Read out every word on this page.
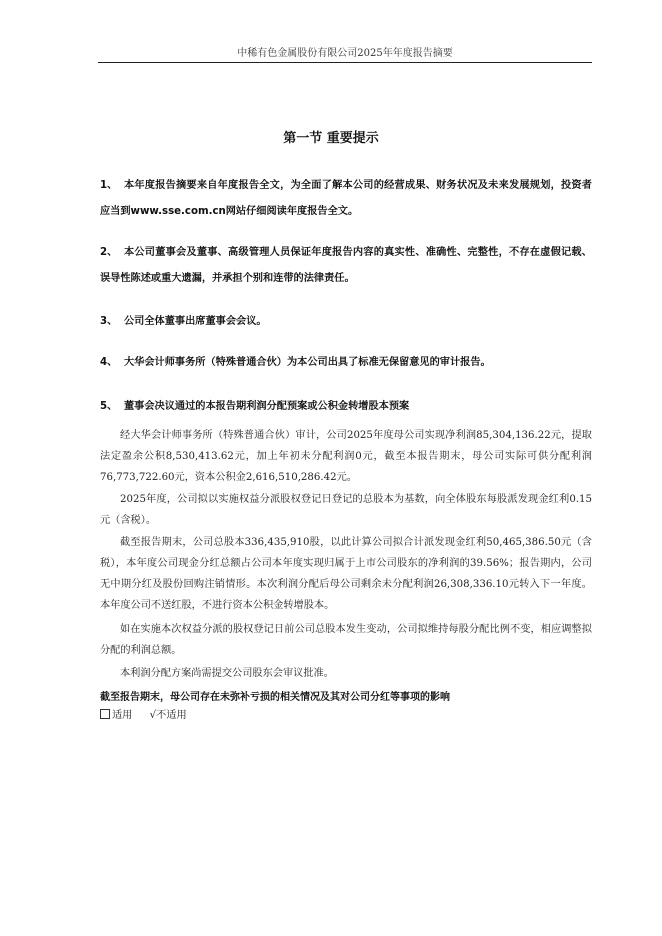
中稀有色金属股份有限公司2025年年度报告摘要
第一节 重要提示
1、 本年度报告摘要来自年度报告全文，为全面了解本公司的经营成果、财务状况及未来发展规划，投资者应当到www.sse.com.cn网站仔细阅读年度报告全文。
2、 本公司董事会及董事、高级管理人员保证年度报告内容的真实性、准确性、完整性，不存在虚假记载、误导性陈述或重大遗漏，并承担个别和连带的法律责任。
3、 公司全体董事出席董事会会议。
4、 大华会计师事务所（特殊普通合伙）为本公司出具了标准无保留意见的审计报告。
5、 董事会决议通过的本报告期利润分配预案或公积金转增股本预案
经大华会计师事务所（特殊普通合伙）审计，公司2025年度母公司实现净利润85,304,136.22元，提取法定盈余公积8,530,413.62元，加上年初未分配利润0元，截至本报告期末，母公司实际可供分配利润76,773,722.60元，资本公积金2,616,510,286.42元。
2025年度，公司拟以实施权益分派股权登记日登记的总股本为基数，向全体股东每股派发现金红利0.15元（含税）。
截至报告期末，公司总股本336,435,910股，以此计算公司拟合计派发现金红利50,465,386.50元（含税），本年度公司现金分红总额占公司本年度实现归属于上市公司股东的净利润的39.56%；报告期内，公司无中期分红及股份回购注销情形。本次利润分配后母公司剩余未分配利润26,308,336.10元转入下一年度。本年度公司不送红股，不进行资本公积金转增股本。
如在实施本次权益分派的股权登记日前公司总股本发生变动，公司拟维持每股分配比例不变，相应调整拟分配的利润总额。
本利润分配方案尚需提交公司股东会审议批准。
截至报告期末，母公司存在未弥补亏损的相关情况及其对公司分红等事项的影响
适用 √不适用
